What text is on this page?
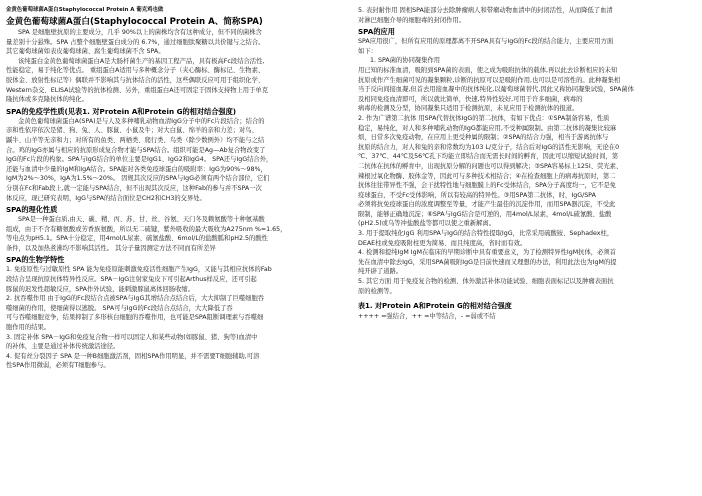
金黄色葡萄球菌A蛋白Staphylococcal Protein A 葡克鸡也做
金黄色葡萄球菌A蛋白(Staphylococcal Protein A、简称SPA)
SPA 是细胞壁抗原的主要成分，几乎 90%以上的菌株均含有这种成分，但不同的菌株含
量差别十分悬殊。SPA 占整个细胞壁蛋白成分的 6.7%，通过细胞肽聚糖以共价键与之结合。
其它葡萄球菌如表皮葡萄球菌、腐生葡萄球菌不含 SPA。
该纯蛋白金黄色葡萄球菌蛋白A是大肠杆菌生产的基因工程产品，具有极高Fc段结合活性,
性能稳定，易于纯化等优点。 重组蛋白A适用与多种概念分子（夹心酶标、酶标记、生物素、
胶体金、放射性标记等）偶联并不影响其与抗体结合的活性，这些偶联反应可用于组织化学、
Western杂交、ELISA试验等的抗体检测、另外，重组蛋白A还可固定于固体支持物上用于单克
隆抗体或多克隆抗体的纯化。
SPA的免疫学性质(见表1. 对Protein A和Protein G的相对结合强度)
金黄色葡萄球菌蛋白A(SPA)是与人及多种哺乳动物血清IgG分子中的Fc片段结合；结合的
亲和性依序依次是猪、狗、兔、人、豚鼠、小鼠及牛；对大白鼠、绵羊的亲和力差；对鸟、
鼷牛、山羊等无亲和力；对所有的鱼类、两栖类、爬行类、鸟类（除少数例外）均不能与之结
合。鸡的IgG亦属与相应的抗原形成复合物才能与SPA结合。组织可能是Ag—Ab复合物改变了
IgG的Fc片段的构象。SPA与IgG结合的单位主要是IgG1、IgG2和IgG4。 SPA还与IgG结合外，
还能与血清中少量的IgM和IgA结合。SPA能对各类免疫球蛋白的吸附率：IgG为90%～98%，
IgM为2%～30%，IgA为1.5%～20%。 因规其次反应的SPA与IgG必须有两个结合部位，它们
分别在Fc和Fab段上,就一定能与SPA结合，但不出现其次反应，这种Fab的参与并不SPA一次
体反应，现已研究表明，IgG与SPA的结合面位是CH2和CH3的交界处。
SPA的理化性质
SPA是一种蛋白质,由天、碳、精、丙、苏、甘、丝、谷氨、天门冬及赖氨酸等十种氨基酸
组成，由于不含有糖氨酸或芳香族氨酸，所以无二硫键，紫外吸收的最大吸收为A275nm %=1.65，
等电点为pH5.1。SPA十分稳定，用4mol/L尿素、硫氰盐酸、6mol/L的盐酸胍和pH2.5的酸性
条件，以及加热煮沸均不影响其活性。 其分子量因测定方法不同而有所差异
SPA的生物学特性
1. 免疫原性与过敏原性 SPA 能为免疫原能刺激免疫活性细胞产生IgG，又能与其相应抗体的Fab
段结合呈现抗原抗体特异性反应。SPA－IgG注射家兔皮下可引起Arthus样反应，还可引起
豚鼠的迟发性超敏反应，SPA作外试验，能刺激豚鼠离体回肠收缩。
2. 抗吞噬作用 由于IgG的Fc段结合点被SPA与IgG其增结合点结合后，大大抑制了巨噬细胞吞
噬细菌的作用，使细菌得以逃脱。 SPA可与IgG的Fc段结合点结合，大大降低了吞
可与吞噬细胞竞争，结果抑制了多形核白细胞的吞噬作用，也可能是SPA阻断调理素与吞噬细
胞作用的结果。
3. 固定补体 SPA－IgG和免疫复合物一样可以固定人和某些动物(如豚鼠、猪、狗等)血清中
的补体，主要是通过补体传统激活途径。
4. 促有丝分裂因子 SPA 是一种B细胞激活剂，固相SPA作用明显，并不需要T细胞辅助,可溶
性SPA作用微弱，必须有T细胞参与。
5. 表封耐作用 固相SPA能部分去除肿瘤病人和带瘤动物血清中的封闭活性，从而降低了血清
对淋巴细胞介导的细胞毒的封闭作用。
SPA的应用
SPA应用很广，但所有应用的原理都离不开SPA具有与IgG的Fc段的结合能力，主要应用方面
如下：
1. SPA菌的协同凝集作用
用已知的标准血清，吸附到SPA菌的表面，使之成为吸附抗体的载体,再以此去诊断相应的未知
抗原或作产生细菌可见的凝集颗粒,诊断的抗原可以是吸附作用,也可以是可溶性的。此种凝集相
当于反向间接血凝,但首去用接血凝中的抗体纯化,以葡萄球菌替代,因此又称协同凝集试验，SPA菌体
及相同免疫血清即可，所以就比简单，快速,特异性较好,可用于许多细菌，病毒的
病毒的检测及分型，协同凝集只适用于检测抗原，未见应用于检测抗体的报道。
2. 作为广谱第二抗体 用SPA代替抗体IgG的第二抗体，有如下优点：①SPA制备容易，性质
稳定，易纯化，对人和多种哺乳动物的IgG都能应用,不受种属限制。由第二抗体的凝集比较麻
烦，日常多次免疫动物，在应用上更受种属的限制；②SPA的结合力强，相当于游离抗体与
抗原的结合力，对人和兔的亲和常数均为103 L/克分子，结合后对IgG的活性无影响，无论在0
℃、37℃、44℃及56℃孔下均能立即结合而无需长时间的孵育，因此可以缩短试验时间，第
二抗体在抗体的孵育中，出现抗原分解的问题也可以得到解决；③SPA容易标上125I、荧光素、
辣根过氧化物酶、胶体金等，因此可与多种技术相结合；④在检查细胞上的病毒抗原时，第二
抗体往往带异性不强，会干扰特性地与细胞膜上的Fc受体结合，SPA分子高度均一，它不是免
疫球蛋白，不受Fc受体影响，所以有较高的特异性。③用SPA第二抗体，时，IgG/SPA
必须将抗免疫球蛋白的浓度调整至等量，才能产生最佳的沉淀作用，而用SPA器沉淀，不受此
限制，能够正确地沉淀；⑥SPA与IgG结合是可逆的，用4mol/L尿素，4mol/L硫氰酸、盐酸
(pH2.5)或乌等冲盐酸盐等都可以使之重新解离。
3. 用于提取纯化IgG 利用SPA与IgG的结合特性提取IgG，比常采用硫酸铵、Sephadex柱，
DEAE柱或免疫吸附柱更为简易、而且纯度高，省时而有效。
4. 检测和提纯IgM IgM在临床的早期诊断中具有重要意义，为了检测特异性IgM抗体，必须首
先在血清中除去IgG，采用SPA菌吸附IgG是目前快速而又理想的办法，利用此法也为IgM的提
纯开辟了道路。
5. 其它方面 用于免疫复合物的检测、体外激活补体功能试验、细胞表面标记以及肿瘤表面抗
原的检测等。
表1. 对Protein A和Protein G的相对结合强度
++++ =强结合，++ =中等结合，- =弱或不结
